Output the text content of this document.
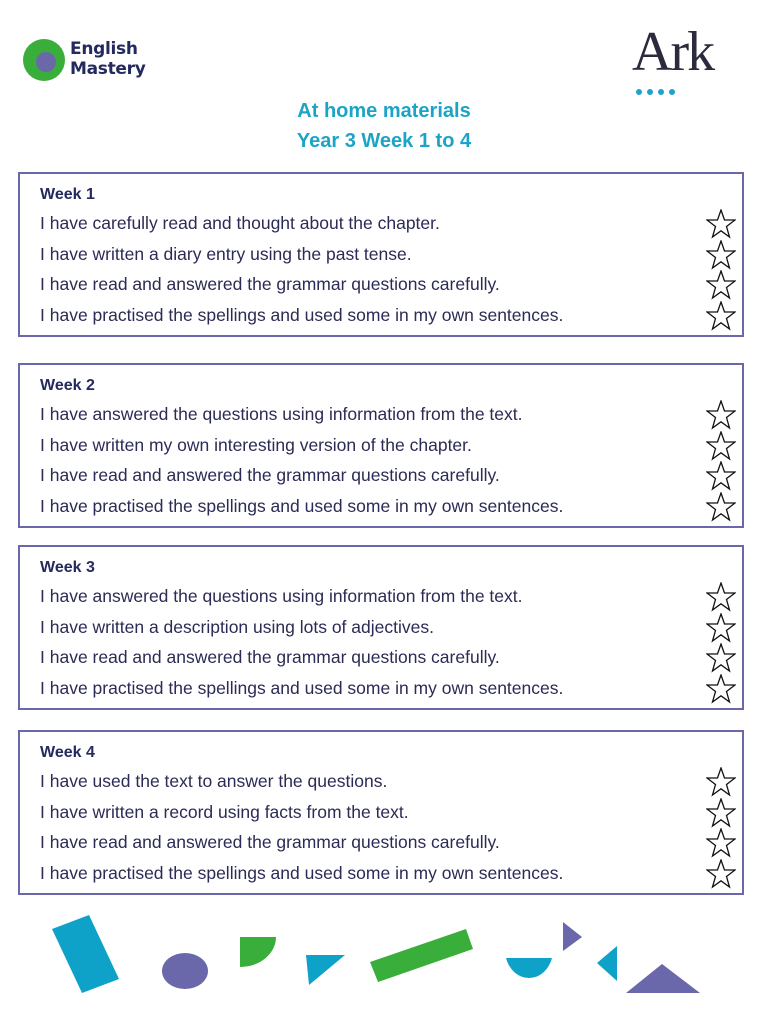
English
Mastery	Ark
At home materials
Year 3 Week 1 to 4
Week 1
I have carefully read and thought about the chapter.
I have written a diary entry using the past tense.
I have read and answered the grammar questions carefully.
I have practised the spellings and used some in my own sentences.
Week 2
I have answered the questions using information from the text.
I have written my own interesting version of the chapter.
I have read and answered the grammar questions carefully.
I have practised the spellings and used some in my own sentences.
Week 3
I have answered the questions using information from the text.
I have written a description using lots of adjectives.
I have read and answered the grammar questions carefully.
I have practised the spellings and used some in my own sentences.
Week 4
I have used the text to answer the questions.
I have written a record using facts from the text.
I have read and answered the grammar questions carefully.
I have practised the spellings and used some in my own sentences.
